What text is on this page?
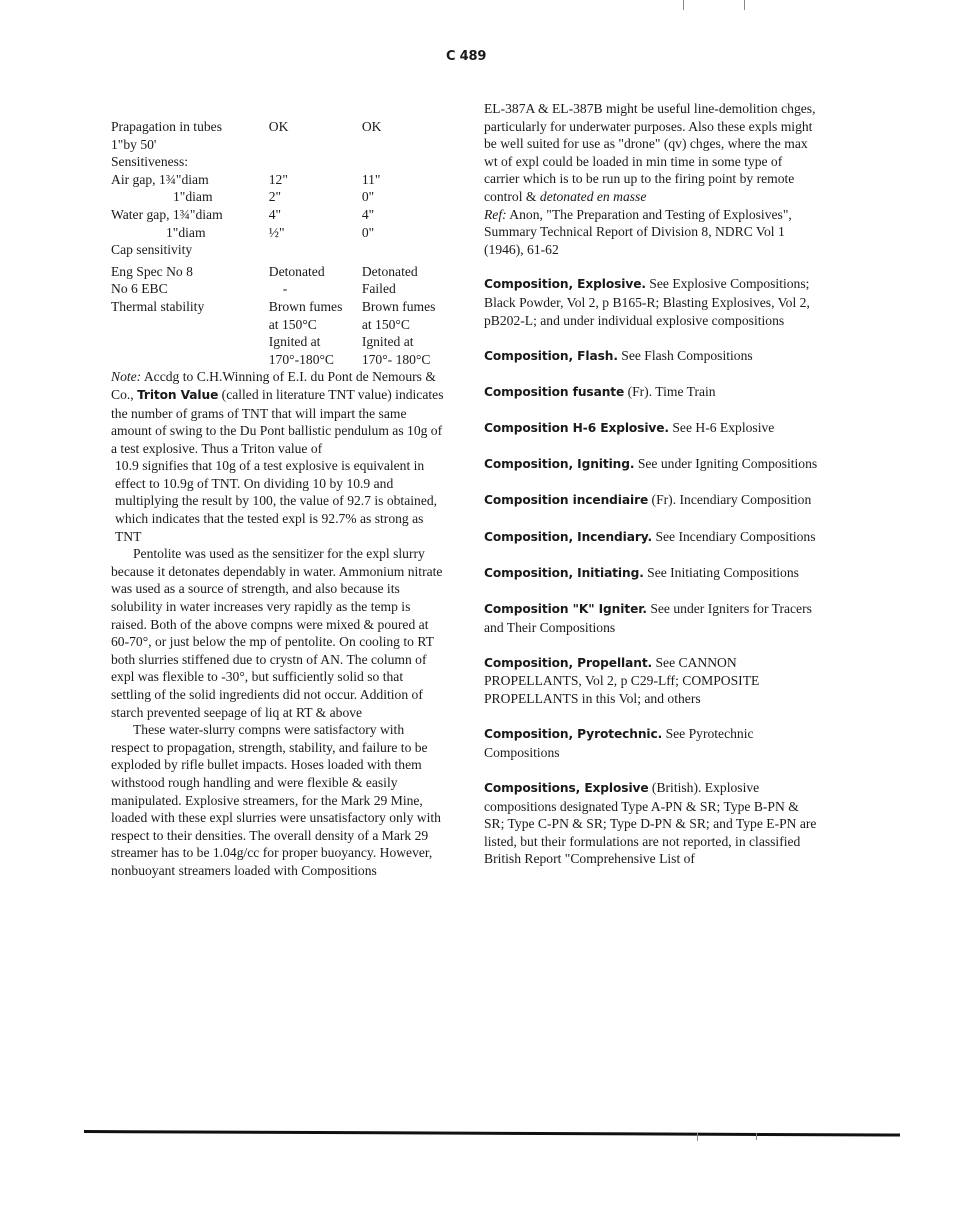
C 489
Prapagation in tubes	OK	OK
1"by 50'		
Sensitiveness:		
Air gap, 1¾"diam	12"	11"
1"diam	2"	0"
Water gap, 1¾"diam	4"	4"
1"diam	½"	0"
Cap sensitivity		

Eng Spec No 8	Detonated	Detonated
No 6 EBC	-	Failed
Thermal stability	Brown fumes	Brown fumes
	at 150°C	at 150°C
	Ignited at	Ignited at
	170°-180°C	170°- 180°C

Note: Accdg to C.H.Winning of E.I. du Pont de Nemours & Co., Triton Value (called in literature TNT value) indicates the number of grams of TNT that will impart the same amount of swing to the Du Pont ballistic pendulum as 10g of a test explosive. Thus a Triton value of

10.9 signifies that 10g of a test explosive is equivalent in effect to 10.9g of TNT. On dividing 10 by 10.9 and multiplying the result by 100, the value of 92.7 is obtained, which indicates that the tested expl is 92.7% as strong as TNT

Pentolite was used as the sensitizer for the expl slurry because it detonates dependably in water. Ammonium nitrate was used as a source of strength, and also because its solubility in water increases very rapidly as the temp is raised. Both of the above compns were mixed & poured at 60-70°, or just below the mp of pentolite. On cooling to RT both slurries stiffened due to crystn of AN. The column of expl was flexible to -30°, but sufficiently solid so that settling of the solid ingredients did not occur. Addition of starch prevented seepage of liq at RT & above

These water-slurry compns were satisfactory with respect to propagation, strength, stability, and failure to be exploded by rifle bullet impacts. Hoses loaded with them withstood rough handling and were flexible & easily manipulated. Explosive streamers, for the Mark 29 Mine, loaded with these expl slurries were unsatisfactory only with respect to their densities. The overall density of a Mark 29 streamer has to be 1.04g/cc for proper buoyancy. However, nonbuoyant streamers loaded with Compositions

EL-387A & EL-387B might be useful line-demolition chges, particularly for underwater purposes. Also these expls might be well suited for use as "drone" (qv) chges, where the max wt of expl could be loaded in min time in some type of carrier which is to be run up to the firing point by remote control & detonated en masse

Ref: Anon, "The Preparation and Testing of Explosives", Summary Technical Report of Division 8, NDRC Vol 1 (1946), 61-62

Composition, Explosive. See Explosive Compositions; Black Powder, Vol 2, p B165-R; Blasting Explosives, Vol 2, pB202-L; and under individual explosive compositions

Composition, Flash. See Flash Compositions

Composition fusante (Fr). Time Train

Composition H-6 Explosive. See H-6 Explosive

Composition, Igniting. See under Igniting Compositions

Composition incendiaire (Fr). Incendiary Composition

Composition, Incendiary. See Incendiary Compositions

Composition, Initiating. See Initiating Compositions

Composition "K" Igniter. See under Igniters for Tracers and Their Compositions

Composition, Propellant. See CANNON PROPELLANTS, Vol 2, p C29-Lff; COMPOSITE PROPELLANTS in this Vol; and others

Composition, Pyrotechnic. See Pyrotechnic Compositions

Compositions, Explosive (British). Explosive compositions designated Type A-PN & SR; Type B-PN & SR; Type C-PN & SR; Type D-PN & SR; and Type E-PN are listed, but their formulations are not reported, in classified British Report "Comprehensive List of
